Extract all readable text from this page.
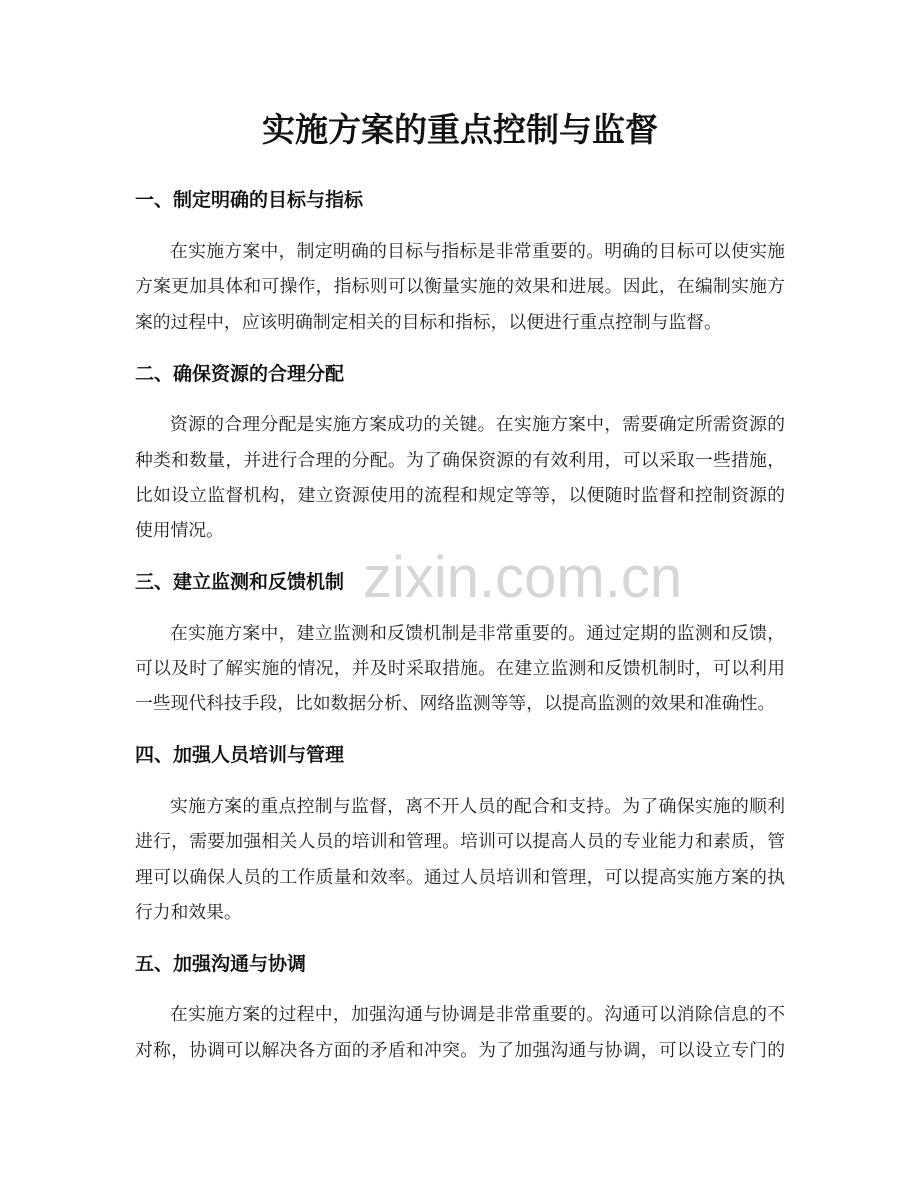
zixin.com.cn
实施方案的重点控制与监督
一、制定明确的目标与指标
在实施方案中，制定明确的目标与指标是非常重要的。明确的目标可以使实施
方案更加具体和可操作，指标则可以衡量实施的效果和进展。因此，在编制实施方
案的过程中，应该明确制定相关的目标和指标，以便进行重点控制与监督。
二、确保资源的合理分配
资源的合理分配是实施方案成功的关键。在实施方案中，需要确定所需资源的
种类和数量，并进行合理的分配。为了确保资源的有效利用，可以采取一些措施，
比如设立监督机构，建立资源使用的流程和规定等等，以便随时监督和控制资源的
使用情况。
三、建立监测和反馈机制
在实施方案中，建立监测和反馈机制是非常重要的。通过定期的监测和反馈，
可以及时了解实施的情况，并及时采取措施。在建立监测和反馈机制时，可以利用
一些现代科技手段，比如数据分析、网络监测等等，以提高监测的效果和准确性。
四、加强人员培训与管理
实施方案的重点控制与监督，离不开人员的配合和支持。为了确保实施的顺利
进行，需要加强相关人员的培训和管理。培训可以提高人员的专业能力和素质，管
理可以确保人员的工作质量和效率。通过人员培训和管理，可以提高实施方案的执
行力和效果。
五、加强沟通与协调
在实施方案的过程中，加强沟通与协调是非常重要的。沟通可以消除信息的不
对称，协调可以解决各方面的矛盾和冲突。为了加强沟通与协调，可以设立专门的
